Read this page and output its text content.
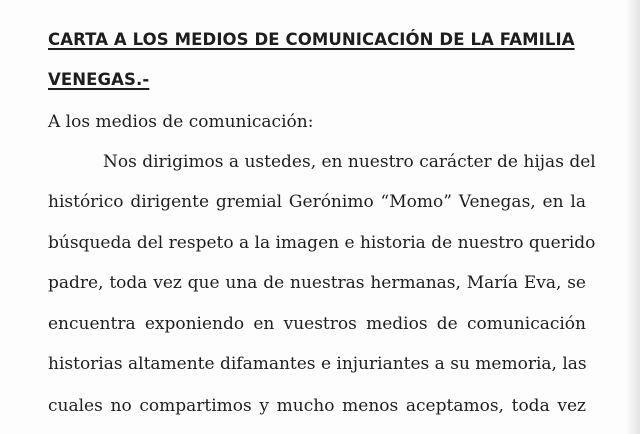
CARTA A LOS MEDIOS DE COMUNICACIÓN DE LA FAMILIA
VENEGAS.-
A los medios de comunicación:
Nos dirigimos a ustedes, en nuestro carácter de hijas del
histórico dirigente gremial Gerónimo “Momo” Venegas, en la
búsqueda del respeto a la imagen e historia de nuestro querido
padre, toda vez que una de nuestras hermanas, María Eva, se
encuentra exponiendo en vuestros medios de comunicación
historias altamente difamantes e injuriantes a su memoria, las
cuales no compartimos y mucho menos aceptamos, toda vez
